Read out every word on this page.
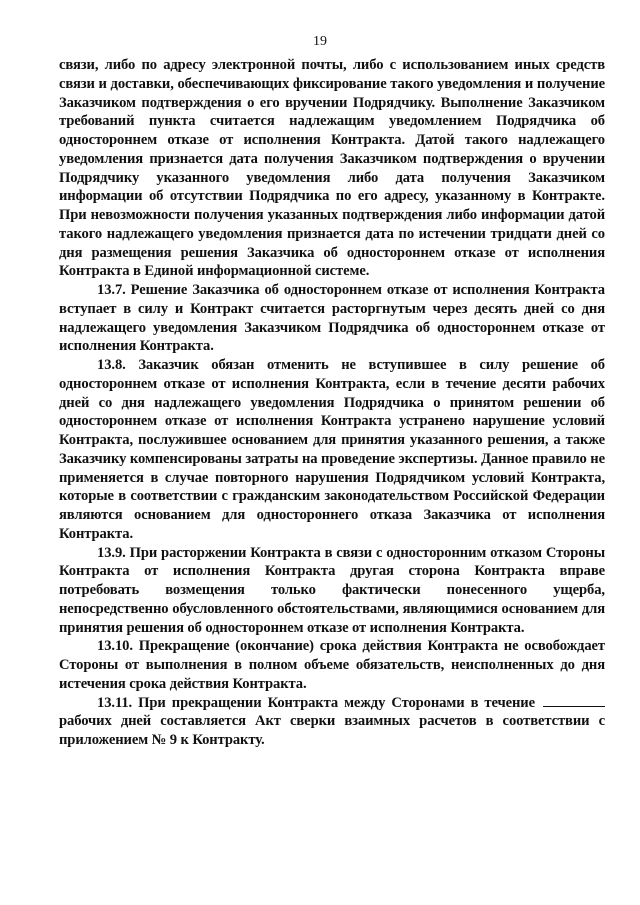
19

связи, либо по адресу электронной почты, либо с использованием иных средств связи и доставки, обеспечивающих фиксирование такого уведомления и получение Заказчиком подтверждения о его вручении Подрядчику. Выполнение Заказчиком требований пункта считается надлежащим уведомлением Подрядчика об одностороннем отказе от исполнения Контракта. Датой такого надлежащего уведомления признается дата получения Заказчиком подтверждения о вручении Подрядчику указанного уведомления либо дата получения Заказчиком информации об отсутствии Подрядчика по его адресу, указанному в Контракте. При невозможности получения указанных подтверждения либо информации датой такого надлежащего уведомления признается дата по истечении тридцати дней со дня размещения решения Заказчика об одностороннем отказе от исполнения Контракта в Единой информационной системе.

13.7. Решение Заказчика об одностороннем отказе от исполнения Контракта вступает в силу и Контракт считается расторгнутым через десять дней со дня надлежащего уведомления Заказчиком Подрядчика об одностороннем отказе от исполнения Контракта.

13.8. Заказчик обязан отменить не вступившее в силу решение об одностороннем отказе от исполнения Контракта, если в течение десяти рабочих дней со дня надлежащего уведомления Подрядчика о принятом решении об одностороннем отказе от исполнения Контракта устранено нарушение условий Контракта, послужившее основанием для принятия указанного решения, а также Заказчику компенсированы затраты на проведение экспертизы. Данное правило не применяется в случае повторного нарушения Подрядчиком условий Контракта, которые в соответствии с гражданским законодательством Российской Федерации являются основанием для одностороннего отказа Заказчика от исполнения Контракта.

13.9. При расторжении Контракта в связи с односторонним отказом Стороны Контракта от исполнения Контракта другая сторона Контракта вправе потребовать возмещения только фактически понесенного ущерба, непосредственно обусловленного обстоятельствами, являющимися основанием для принятия решения об одностороннем отказе от исполнения Контракта.

13.10. Прекращение (окончание) срока действия Контракта не освобождает Стороны от выполнения в полном объеме обязательств, неисполненных до дня истечения срока действия Контракта.

13.11. При прекращении Контракта между Сторонами в течение рабочих дней составляется Акт сверки взаимных расчетов в соответствии с приложением № 9 к Контракту.
